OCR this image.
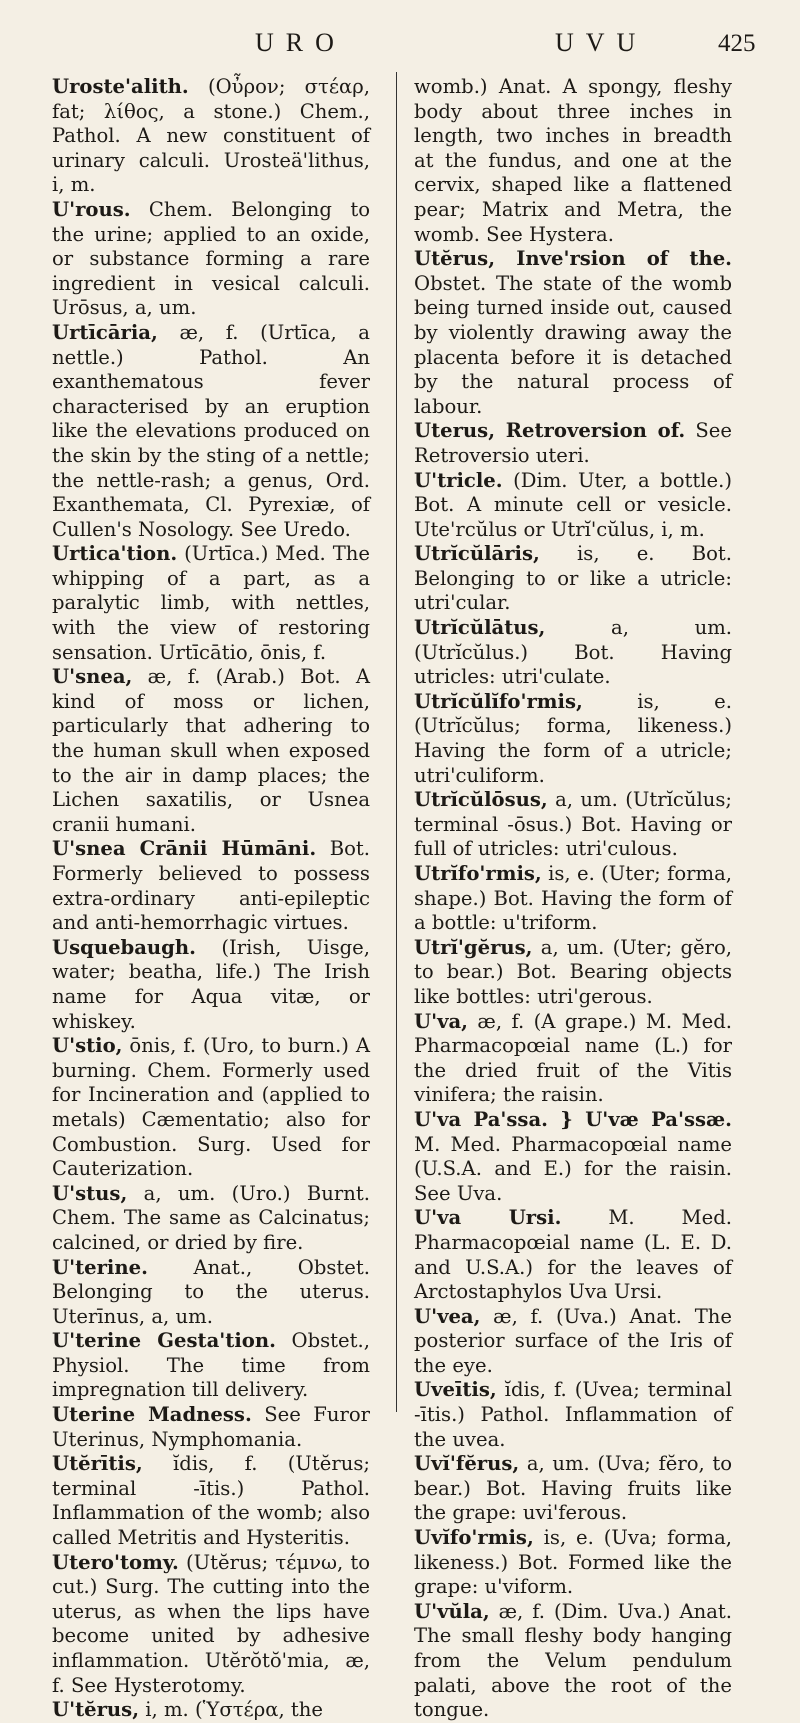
URO	UVU	425

Uroste'alith. (Οὖρον; στέαρ, fat; λίθος, a stone.) Chem., Pathol. A new constituent of urinary calculi. Urosteä'lithus, i, m.

U'rous. Chem. Belonging to the urine; applied to an oxide, or substance forming a rare ingredient in vesical calculi. Urōsus, a, um.

Urtīcāria, æ, f. (Urtīca, a nettle.) Pathol. An exanthematous fever characterised by an eruption like the elevations produced on the skin by the sting of a nettle; the nettle-rash; a genus, Ord. Exanthemata, Cl. Pyrexiæ, of Cullen's Nosology. See Uredo.

Urtica'tion. (Urtīca.) Med. The whipping of a part, as a paralytic limb, with nettles, with the view of restoring sensation. Urtīcātio, ōnis, f.

U'snea, æ, f. (Arab.) Bot. A kind of moss or lichen, particularly that adhering to the human skull when exposed to the air in damp places; the Lichen saxatilis, or Usnea cranii humani.

U'snea Crānii Hūmāni. Bot. Formerly believed to possess extra-ordinary anti-epileptic and anti-hemorrhagic virtues.

Usquebaugh. (Irish, Uisge, water; beatha, life.) The Irish name for Aqua vitæ, or whiskey.

U'stio, ōnis, f. (Uro, to burn.) A burning. Chem. Formerly used for Incineration and (applied to metals) Cæmentatio; also for Combustion. Surg. Used for Cauterization.

U'stus, a, um. (Uro.) Burnt. Chem. The same as Calcinatus; calcined, or dried by fire.

U'terine. Anat., Obstet. Belonging to the uterus. Uterīnus, a, um.

U'terine Gesta'tion. Obstet., Physiol. The time from impregnation till delivery.

Uterine Madness. See Furor Uterinus, Nymphomania.

Utĕrītis, ĭdis, f. (Utĕrus; terminal -ītis.) Pathol. Inflammation of the womb; also called Metritis and Hysteritis.

Utero'tomy. (Utĕrus; τέμνω, to cut.) Surg. The cutting into the uterus, as when the lips have become united by adhesive inflammation. Utĕrŏtŏ'mia, æ, f. See Hysterotomy.

U'tĕrus, i, m. (Ὑστέρα, the

womb.) Anat. A spongy, fleshy body about three inches in length, two inches in breadth at the fundus, and one at the cervix, shaped like a flattened pear; Matrix and Metra, the womb. See Hystera.

Utĕrus, Inve'rsion of the. Obstet. The state of the womb being turned inside out, caused by violently drawing away the placenta before it is detached by the natural process of labour.

Uterus, Retroversion of. See Retroversio uteri.

U'tricle. (Dim. Uter, a bottle.) Bot. A minute cell or vesicle. Ute'rcŭlus or Utrĭ'cŭlus, i, m.

Utrĭcŭlāris, is, e. Bot. Belonging to or like a utricle: utri'cular.

Utrĭcŭlātus, a, um. (Utrĭcŭlus.) Bot. Having utricles: utri'culate.

Utrĭcŭlĭfo'rmis, is, e. (Utrĭcŭlus; forma, likeness.) Having the form of a utricle; utri'culiform.

Utrĭcŭlōsus, a, um. (Utrĭcŭlus; terminal -ōsus.) Bot. Having or full of utricles: utri'culous.

Utrĭfo'rmis, is, e. (Uter; forma, shape.) Bot. Having the form of a bottle: u'triform.

Utrĭ'gĕrus, a, um. (Uter; gĕro, to bear.) Bot. Bearing objects like bottles: utri'gerous.

U'va, æ, f. (A grape.) M. Med. Pharmacopœial name (L.) for the dried fruit of the Vitis vinifera; the raisin.

U'va Pa'ssa. } U'væ Pa'ssæ. M. Med. Pharmacopœial name (U.S.A. and E.) for the raisin. See Uva.

U'va Ursi. M. Med. Pharmacopœial name (L. E. D. and U.S.A.) for the leaves of Arctostaphylos Uva Ursi.

U'vea, æ, f. (Uva.) Anat. The posterior surface of the Iris of the eye.

Uveītis, ĭdis, f. (Uvea; terminal -ītis.) Pathol. Inflammation of the uvea.

Uvĭ'fĕrus, a, um. (Uva; fĕro, to bear.) Bot. Having fruits like the grape: uvi'ferous.

Uvĭfo'rmis, is, e. (Uva; forma, likeness.) Bot. Formed like the grape: u'viform.

U'vŭla, æ, f. (Dim. Uva.) Anat. The small fleshy body hanging from the Velum pendulum palati, above the root of the tongue.
